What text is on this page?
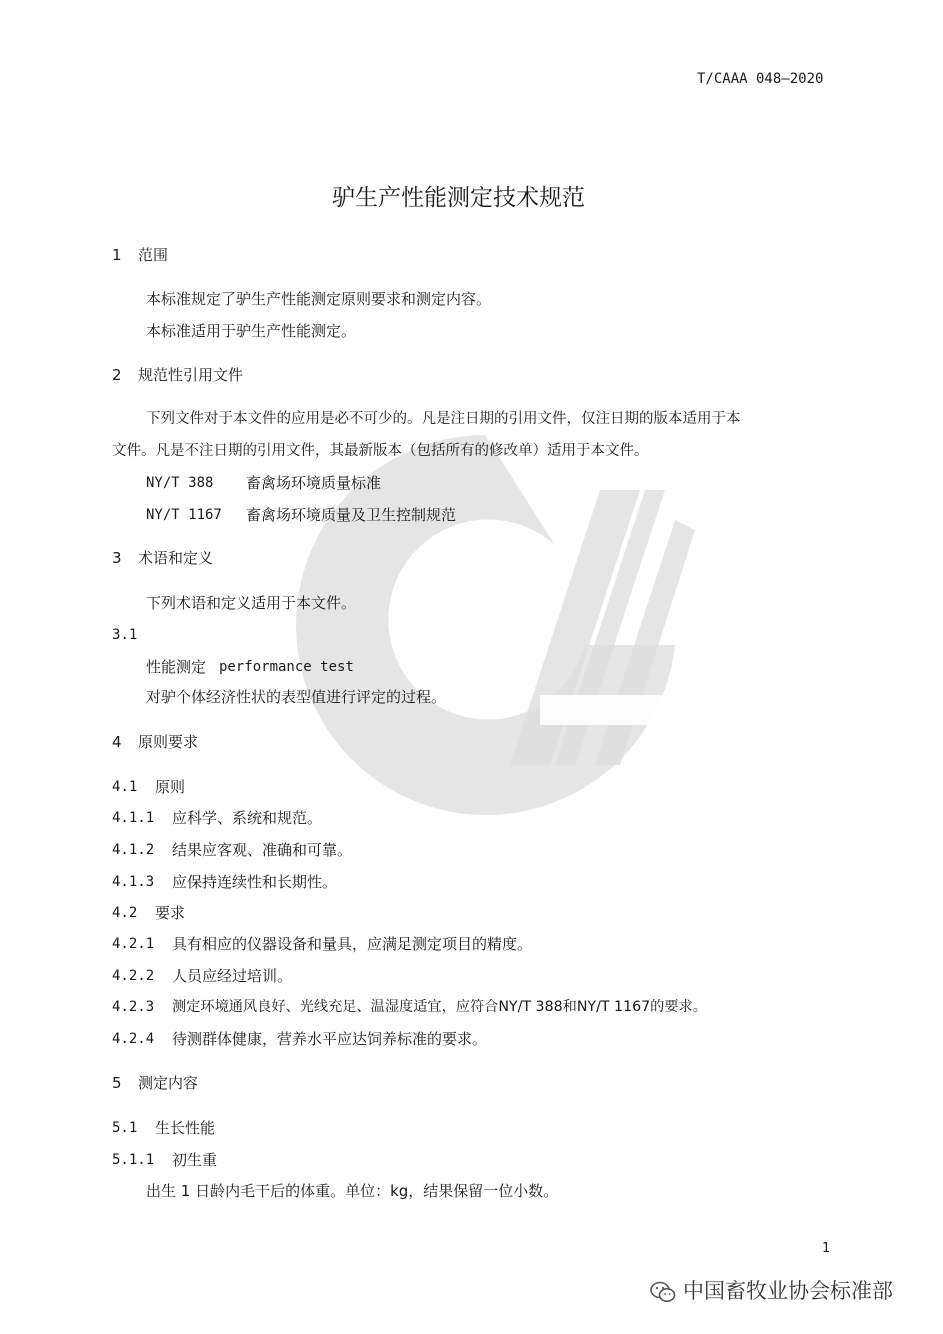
T/CAAA 048—2020
驴生产性能测定技术规范
1 范围
本标准规定了驴生产性能测定原则要求和测定内容。
本标准适用于驴生产性能测定。
2 规范性引用文件
下列文件对于本文件的应用是必不可少的。凡是注日期的引用文件，仅注日期的版本适用于本
文件。凡是不注日期的引用文件，其最新版本（包括所有的修改单）适用于本文件。
NY/T 388 畜禽场环境质量标准
NY/T 1167 畜禽场环境质量及卫生控制规范
3 术语和定义
下列术语和定义适用于本文件。
3.1
性能测定 performance test
对驴个体经济性状的表型值进行评定的过程。
4 原则要求
4.1 原则
4.1.1 应科学、系统和规范。
4.1.2 结果应客观、准确和可靠。
4.1.3 应保持连续性和长期性。
4.2 要求
4.2.1 具有相应的仪器设备和量具，应满足测定项目的精度。
4.2.2 人员应经过培训。
4.2.3 测定环境通风良好、光线充足、温湿度适宜，应符合NY/T 388和NY/T 1167的要求。
4.2.4 待测群体健康，营养水平应达饲养标准的要求。
5 测定内容
5.1 生长性能
5.1.1 初生重
出生 1 日龄内毛干后的体重。单位：kg，结果保留一位小数。
1
中国畜牧业协会标准部
